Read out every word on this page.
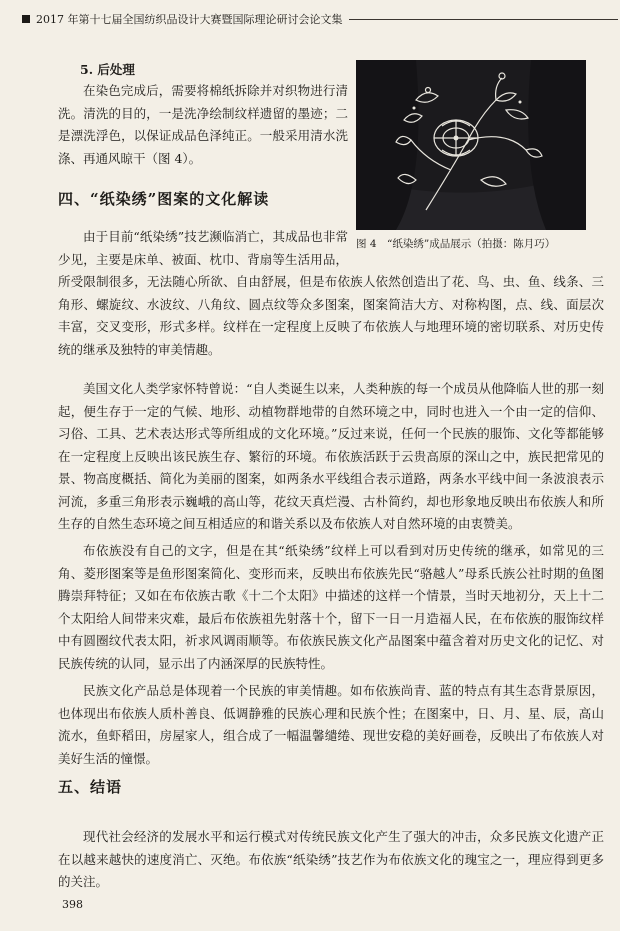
2017 年第十七届全国纺织品设计大赛暨国际理论研讨会论文集
5. 后处理
在染色完成后，需要将棉纸拆除并对织物进行清洗。清洗的目的，一是洗净绘制纹样遗留的墨迹；二是漂洗浮色，以保证成品色泽纯正。一般采用清水洗涤、再通风晾干（图 4）。
图 4　“纸染绣”成品展示（拍摄：陈月巧）
四、“纸染绣”图案的文化解读
由于目前“纸染绣”技艺濒临消亡，其成品也非常少见，主要是床单、被面、枕巾、背扇等生活用品，
所受限制很多，无法随心所欲、自由舒展，但是布依族人依然创造出了花、鸟、虫、鱼、线条、三角形、螺旋纹、水波纹、八角纹、圆点纹等众多图案，图案简洁大方、对称构图，点、线、面层次丰富，交叉变形，形式多样。纹样在一定程度上反映了布依族人与地理环境的密切联系、对历史传统的继承及独特的审美情趣。
美国文化人类学家怀特曾说：“自人类诞生以来，人类种族的每一个成员从他降临人世的那一刻起，便生存于一定的气候、地形、动植物群地带的自然环境之中，同时也进入一个由一定的信仰、习俗、工具、艺术表达形式等所组成的文化环境。”反过来说，任何一个民族的服饰、文化等都能够在一定程度上反映出该民族生存、繁衍的环境。布依族活跃于云贵高原的深山之中，族民把常见的景、物高度概括、简化为美丽的图案，如两条水平线组合表示道路，两条水平线中间一条波浪表示河流，多重三角形表示巍峨的高山等，花纹天真烂漫、古朴简约，却也形象地反映出布依族人和所生存的自然生态环境之间互相适应的和谐关系以及布依族人对自然环境的由衷赞美。
布依族没有自己的文字，但是在其“纸染绣”纹样上可以看到对历史传统的继承，如常见的三角、菱形图案等是鱼形图案简化、变形而来，反映出布依族先民“骆越人”母系氏族公社时期的鱼图腾崇拜特征；又如在布依族古歌《十二个太阳》中描述的这样一个情景，当时天地初分，天上十二个太阳给人间带来灾难，最后布依族祖先射落十个，留下一日一月造福人民，在布依族的服饰纹样中有圆圈纹代表太阳，祈求风调雨顺等。布依族民族文化产品图案中蕴含着对历史文化的记忆、对民族传统的认同，显示出了内涵深厚的民族特性。
民族文化产品总是体现着一个民族的审美情趣。如布依族尚青、蓝的特点有其生态背景原因，也体现出布依族人质朴善良、低调静雅的民族心理和民族个性；在图案中，日、月、星、辰，高山流水，鱼虾稻田，房屋家人，组合成了一幅温馨缱绻、现世安稳的美好画卷，反映出了布依族人对美好生活的憧憬。
五、结语
现代社会经济的发展水平和运行模式对传统民族文化产生了强大的冲击，众多民族文化遗产正在以越来越快的速度消亡、灭绝。布依族“纸染绣”技艺作为布依族文化的瑰宝之一，理应得到更多的关注。
398
